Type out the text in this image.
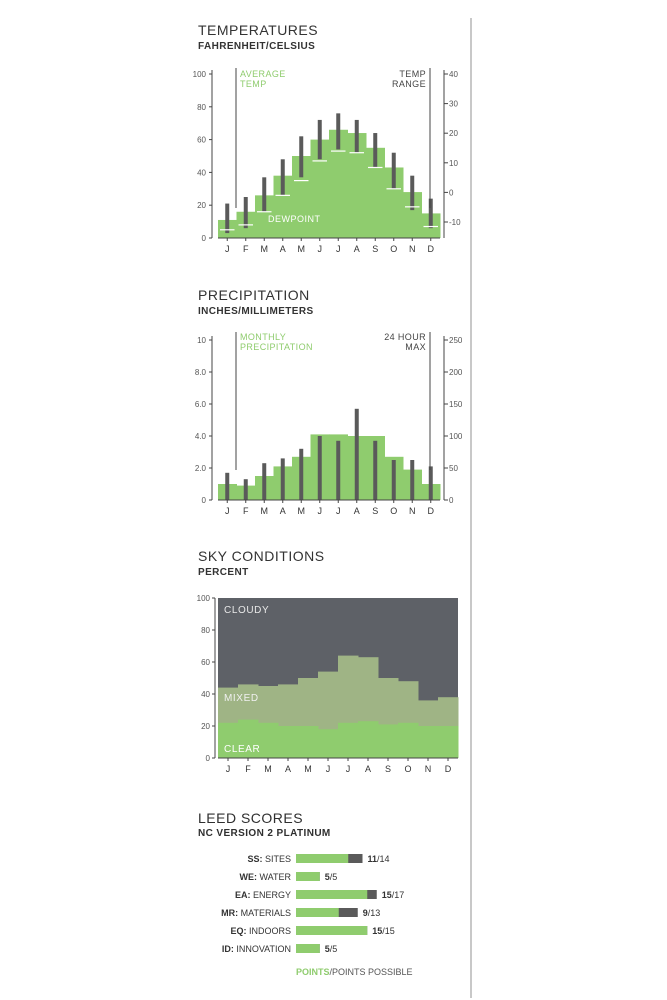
TEMPERATURES
FAHRENHEIT/CELSIUS
0
20
40
60
80
100	40
30
20
10
0
-10
J F M A M J J A S O N D
AVERAGE
TEMP
TEMP
RANGE
DEWPOINT
PRECIPITATION
INCHES/MILLIMETERS
0
2.0
4.0
6.0
8.0
10
0
50
100
150
200
250
J F M A M J J A S O N D
MONTHLY
PRECIPITATION
24 HOUR
MAX
SKY CONDITIONS
PERCENT
0
20
40
60
80
100
J F M A M J J A S O N D
CLOUDY
MIXED
CLEAR
LEED SCORES
NC VERSION 2 PLATINUM
SS: SITES	11/14
WE: WATER	5/5
EA: ENERGY	15/17
MR: MATERIALS	9/13
EQ: INDOORS	15/15
ID: INNOVATION	5/5
POINTS/POINTS POSSIBLE
